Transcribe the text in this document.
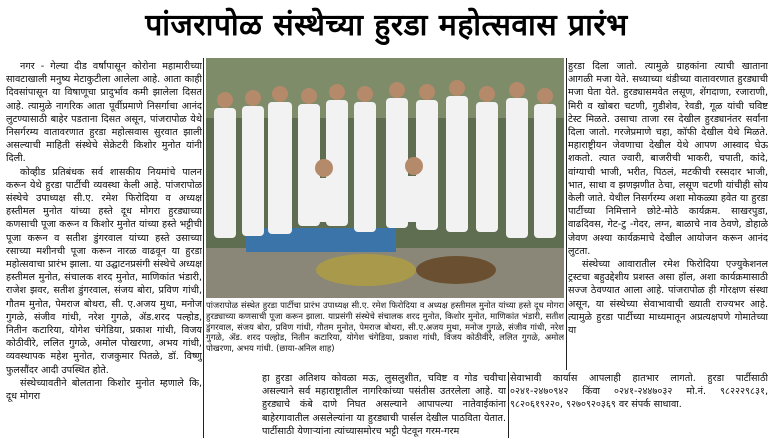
पांजरापोळ संस्थेच्या हुरडा महोत्सवास प्रारंभ

नगर - गेल्या दीड वर्षांपासून कोरोना महामारीच्या सावटाखाली मनुष्य मेटाकुटीला आलेला आहे. आता काही दिवसांपासून या विषाणूचा प्रादुर्भाव कमी झालेला दिसत आहे. त्यामुळे नागरिक आता पूर्वीप्रमाणे निसर्गाचा आनंद लुटण्यासाठी बाहेर पडताना दिसत असून, पांजरापोळ येथे निसर्गरम्य वातावरणात हुरडा महोत्सवास सुरवात झाली असल्याची माहिती संस्थेचे सेक्रेटरी किशोर मुनोत यांनी दिली.

कोव्हीड प्रतिबंधक सर्व शासकीय नियमांचे पालन करून येथे हुरडा पार्टीची व्यवस्था केली आहे. पांजरापोळ संस्थेचे उपाध्यक्ष सी.ए. रमेश फिरोदिया व अध्यक्ष हस्तीमल मुनोत यांच्या हस्ते दूध मोगरा हुरड्याच्या कणसाची पूजा करून व किशोर मुनोत यांच्या हस्ते भट्टीची पूजा करून व सतीश डुंगरवाल यांच्या हस्ते उसाच्या रसाच्या मशीनची पूजा करून नारळ वाढवून या हुरडा महोत्सवाचा प्रारंभ झाला. या उद्घाटनप्रसंगी संस्थेचे अध्यक्ष हस्तीमल मुनोत, संचालक शरद मुनोत, माणिकांत भंडारी, राजेश झवर, सतीश डुंगरवाल, संजय बोरा, प्रविण गांधी, गौतम मुनोत, पेमराज बोथरा, सी. ए.अजय मुथा, मनोज गुगळे, संजीव गांधी, नरेश गुगळे, ॲड.शरद पल्होड, नितीन कटारिया, योगेश चंगेडिया, प्रकाश गांधी, विजय कोठीवीरे, ललित गुगळे, अमोल पोखरणा, अभय गांधी, व्यवस्थापक महेश मुनोत, राजकुमार पितळे, डॉ. विष्णु फुलसौंदर आदी उपस्थित होते.

संस्थेच्यावतीने बोलताना किशोर मुनोत म्हणाले कि, दूध मोगरा

पांजरापोळ संस्थेत हुरडा पार्टीचा प्रारंभ उपाध्यक्ष सी.ए. रमेश फिरोदिया व अध्यक्ष हस्तीमल मुनोत यांच्या हस्ते दूध मोगरा हुरड्याच्या कणसाची पूजा करून झाला. याप्रसंगी संस्थेचे संचालक शरद मुनोत, किशोर मुनोत, माणिकांत भंडारी, सतीश डुंगरवाल, संजय बोरा, प्रविण गांधी, गौतम मुनोत, पेमराज बोथरा, सी.ए.अजय मुथा, मनोज गुगळे, संजीव गांधी, नरेश गुगळे, ॲड. शरद पल्होड, नितीन कटारिया, योगेश चंगेडिया, प्रकाश गांधी, विजय कोठीवीरे, ललित गुगळे, अमोल पोखरणा, अभय गांधी. (छाया-अनिल शाह)

हा हुरडा अतिशय कोवळा मऊ, लुसलुशीत, चविष्ट व गोड चवीचा असल्याने सर्व महाराष्ट्रातील नागरिकांच्या पसंतीस उतरलेला आहे. या हुरड्याचे कंबे दाणे निघत असल्याने आपापल्या नातेवाईकांना बाहेरगावातील असलेल्यांना या हुरड्याची पार्सल देखील पाठविता येतात. पार्टीसाठी येणाऱ्यांना त्यांच्यासमोरच भट्टी पेटवून गरम-गरम

सेवाभावी कार्यास आपलाही हातभार लागतो. हुरडा पार्टीसाठी ०२४१-२४७०९४२ किंवा ०२४१-२४४७०३२ मो.नं. ९८२२२९८३१, ९८२०६१९२२०, ९२७०९२०३६९ वर संपर्क साधावा.

हुरडा दिला जातो. त्यामुळे ग्राहकांना त्याची खाताना आगळी मजा येते. सध्याच्या थंडीच्या वातावरणात हुरड्याची मजा घेता येते. हुरड्यासमवेत लसूण, शेंगदाणा, रजाराणी, मिरी व खोबरा चटणी, गुडीशेव, रेवडी, गूळ यांची चविष्ट टेस्ट मिळते. उसाचा ताजा रस देखील हुरड्यानंतर सर्वांना दिला जातो. गरजेप्रमाणे चहा, कॉफी देखील येथे मिळते. महाराष्ट्रीयन जेवणाचा देखील येथे आपण आस्वाद घेऊ शकतो. त्यात ज्वारी, बाजरीची भाकरी, चपाती, कांदे, वांग्याची भाजी, भरीत, पिठलं, मटकीची रस्सदार भाजी, भात, साधा व झणझणीत ठेचा, लसूण चटणी यांचीही सोय केली जाते. येथील निसर्गरम्य अशा मोकळ्या हवेत या हुरडा पार्टीच्या निमित्ताने छोटे-मोठे कार्यक्रम. साखरपुडा, वाढदिवस, गेट-टु -गेदर, लग्न, बाळाचे नाव ठेवणे, डोहाळे जेवण अश्या कार्यक्रमाचे देखील आयोजन करून आनंद लुटता.

संस्थेच्या आवारातील रमेश फिरोदिया एज्युकेशनल ट्रस्टचा बहुउद्देशीय प्रशस्त असा हॉल, अशा कार्यक्रमासाठी सज्ज ठेवण्यात आला आहे. पांजरापोळ ही गोरक्षण संस्था असून, या संस्थेच्या सेवाभावाची ख्याती राज्यभर आहे. त्यामुळे हुरडा पार्टीच्या माध्यमातून अप्रत्यक्षपणे गोमातेच्या या
